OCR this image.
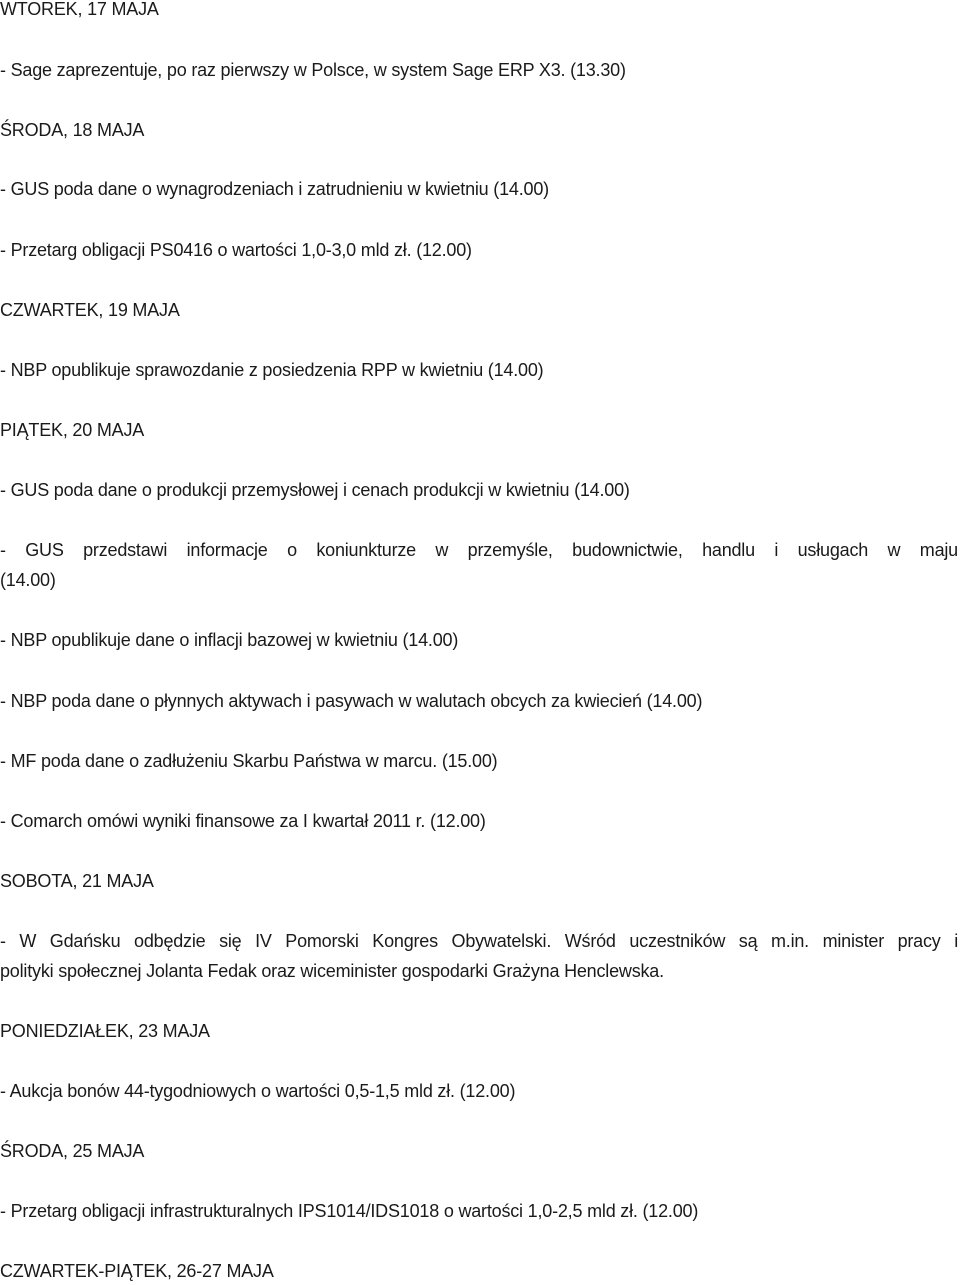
WTOREK, 17 MAJA
- Sage zaprezentuje, po raz pierwszy w Polsce, w system Sage ERP X3. (13.30)
ŚRODA, 18 MAJA
- GUS poda dane o wynagrodzeniach i zatrudnieniu w kwietniu (14.00)
- Przetarg obligacji PS0416 o wartości 1,0-3,0 mld zł. (12.00)
CZWARTEK, 19 MAJA
- NBP opublikuje sprawozdanie z posiedzenia RPP w kwietniu (14.00)
PIĄTEK, 20 MAJA
- GUS poda dane o produkcji przemysłowej i cenach produkcji w kwietniu (14.00)
- GUS przedstawi informacje o koniunkturze w przemyśle, budownictwie, handlu i usługach w maju
(14.00)
- NBP opublikuje dane o inflacji bazowej w kwietniu (14.00)
- NBP poda dane o płynnych aktywach i pasywach w walutach obcych za kwiecień (14.00)
- MF poda dane o zadłużeniu Skarbu Państwa w marcu. (15.00)
- Comarch omówi wyniki finansowe za I kwartał 2011 r. (12.00)
SOBOTA, 21 MAJA
- W Gdańsku odbędzie się IV Pomorski Kongres Obywatelski. Wśród uczestników są m.in. minister pracy i
polityki społecznej Jolanta Fedak oraz wiceminister gospodarki Grażyna Henclewska.
PONIEDZIAŁEK, 23 MAJA
- Aukcja bonów 44-tygodniowych o wartości 0,5-1,5 mld zł. (12.00)
ŚRODA, 25 MAJA
- Przetarg obligacji infrastrukturalnych IPS1014/IDS1018 o wartości 1,0-2,5 mld zł. (12.00)
CZWARTEK-PIĄTEK, 26-27 MAJA
